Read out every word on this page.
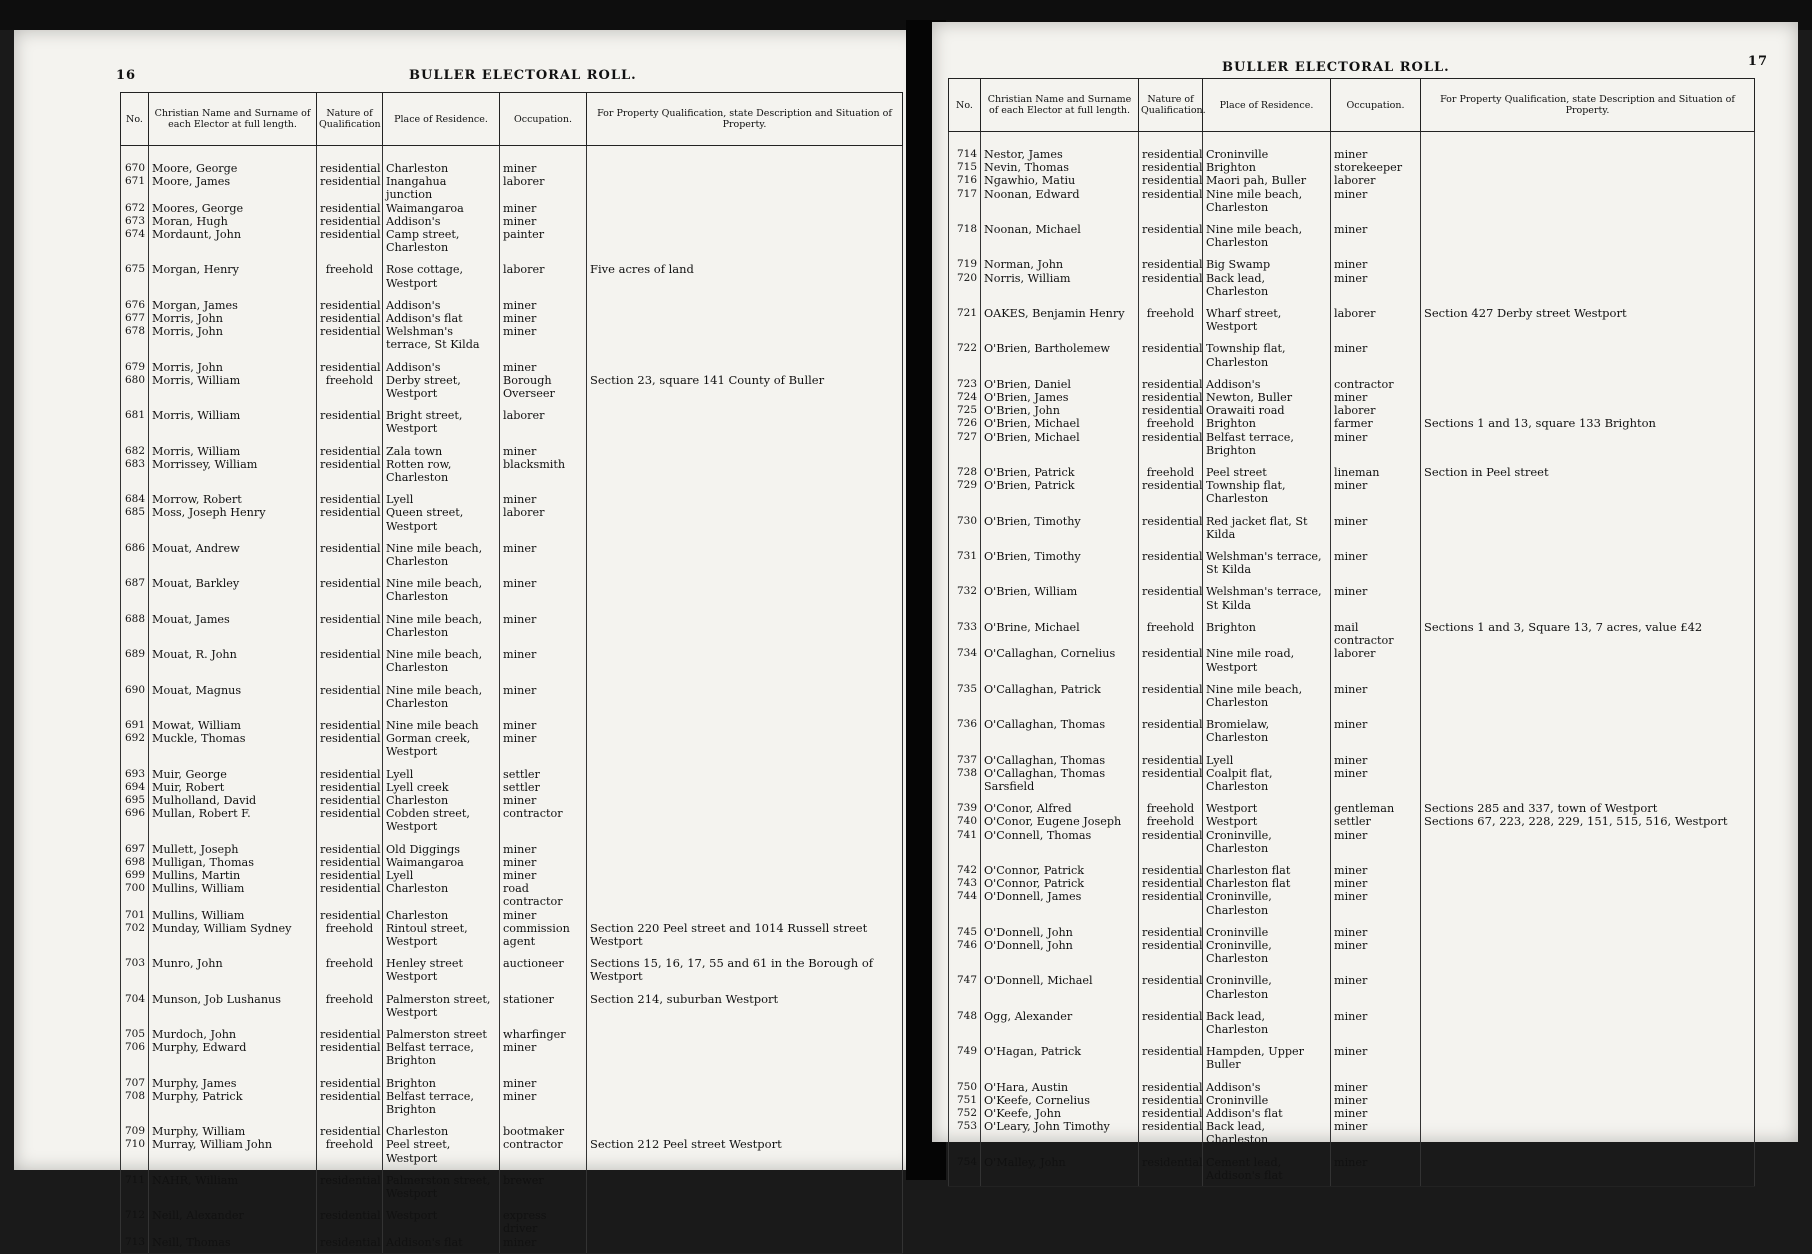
16	BULLER ELECTORAL ROLL.
No.	Christian Name and Surname of each Elector at full length.	Nature of Qualification	Place of Residence.	Occupation.	For Property Qualification, state Description and Situation of Property.
670	Moore, George	residential	Charleston	miner	
671	Moore, James	residential	Inangahua junction	laborer	
672	Moores, George	residential	Waimangaroa	miner	
673	Moran, Hugh	residential	Addison's	miner	
674	Mordaunt, John	residential	Camp street, Charleston	painter	
675	Morgan, Henry	freehold	Rose cottage, Westport	laborer	Five acres of land
676	Morgan, James	residential	Addison's	miner	
677	Morris, John	residential	Addison's flat	miner	
678	Morris, John	residential	Welshman's terrace, St Kilda	miner	
679	Morris, John	residential	Addison's	miner	
680	Morris, William	freehold	Derby street, Westport	Borough Overseer	Section 23, square 141 County of Buller
681	Morris, William	residential	Bright street, Westport	laborer	
682	Morris, William	residential	Zala town	miner	
683	Morrissey, William	residential	Rotten row, Charleston	blacksmith	
684	Morrow, Robert	residential	Lyell	miner	
685	Moss, Joseph Henry	residential	Queen street, Westport	laborer	
686	Mouat, Andrew	residential	Nine mile beach, Charleston	miner	
687	Mouat, Barkley	residential	Nine mile beach, Charleston	miner	
688	Mouat, James	residential	Nine mile beach, Charleston	miner	
689	Mouat, R. John	residential	Nine mile beach, Charleston	miner	
690	Mouat, Magnus	residential	Nine mile beach, Charleston	miner	
691	Mowat, William	residential	Nine mile beach	miner	
692	Muckle, Thomas	residential	Gorman creek, Westport	miner	
693	Muir, George	residential	Lyell	settler	
694	Muir, Robert	residential	Lyell creek	settler	
695	Mulholland, David	residential	Charleston	miner	
696	Mullan, Robert F.	residential	Cobden street, Westport	contractor	
697	Mullett, Joseph	residential	Old Diggings	miner	
698	Mulligan, Thomas	residential	Waimangaroa	miner	
699	Mullins, Martin	residential	Lyell	miner	
700	Mullins, William	residential	Charleston	road contractor	
701	Mullins, William	residential	Charleston	miner	
702	Munday, William Sydney	freehold	Rintoul street, Westport	commission agent	Section 220 Peel street and 1014 Russell street Westport
703	Munro, John	freehold	Henley street Westport	auctioneer	Sections 15, 16, 17, 55 and 61 in the Borough of Westport
704	Munson, Job Lushanus	freehold	Palmerston street, Westport	stationer	Section 214, suburban Westport
705	Murdoch, John	residential	Palmerston street	wharfinger	
706	Murphy, Edward	residential	Belfast terrace, Brighton	miner	
707	Murphy, James	residential	Brighton	miner	
708	Murphy, Patrick	residential	Belfast terrace, Brighton	miner	
709	Murphy, William	residential	Charleston	bootmaker	
710	Murray, William John	freehold	Peel street, Westport	contractor	Section 212 Peel street Westport
711	NAHR, William	residential	Palmerston street, Westport	brewer	
712	Neill, Alexander	residential	Westport	express driver	
713	Neill, Thomas	residential	Addison's flat	miner	
BULLER ELECTORAL ROLL.	17
No.	Christian Name and Surname of each Elector at full length.	Nature of Qualification.	Place of Residence.	Occupation.	For Property Qualification, state Description and Situation of Property.
714	Nestor, James	residential	Croninville	miner	
715	Nevin, Thomas	residential	Brighton	storekeeper	
716	Ngawhio, Matiu	residential	Maori pah, Buller	laborer	
717	Noonan, Edward	residential	Nine mile beach, Charleston	miner	
718	Noonan, Michael	residential	Nine mile beach, Charleston	miner	
719	Norman, John	residential	Big Swamp	miner	
720	Norris, William	residential	Back lead, Charleston	miner	
721	OAKES, Benjamin Henry	freehold	Wharf street, Westport	laborer	Section 427 Derby street Westport
722	O'Brien, Bartholemew	residential	Township flat, Charleston	miner	
723	O'Brien, Daniel	residential	Addison's	contractor	
724	O'Brien, James	residential	Newton, Buller	miner	
725	O'Brien, John	residential	Orawaiti road	laborer	
726	O'Brien, Michael	freehold	Brighton	farmer	Sections 1 and 13, square 133 Brighton
727	O'Brien, Michael	residential	Belfast terrace, Brighton	miner	
728	O'Brien, Patrick	freehold	Peel street	lineman	Section in Peel street
729	O'Brien, Patrick	residential	Township flat, Charleston	miner	
730	O'Brien, Timothy	residential	Red jacket flat, St Kilda	miner	
731	O'Brien, Timothy	residential	Welshman's terrace, St Kilda	miner	
732	O'Brien, William	residential	Welshman's terrace, St Kilda	miner	
733	O'Brine, Michael	freehold	Brighton	mail contractor	Sections 1 and 3, Square 13, 7 acres, value £42
734	O'Callaghan, Cornelius	residential	Nine mile road, Westport	laborer	
735	O'Callaghan, Patrick	residential	Nine mile beach, Charleston	miner	
736	O'Callaghan, Thomas	residential	Bromielaw, Charleston	miner	
737	O'Callaghan, Thomas	residential	Lyell	miner	
738	O'Callaghan, Thomas Sarsfield	residential	Coalpit flat, Charleston	miner	
739	O'Conor, Alfred	freehold	Westport	gentleman	Sections 285 and 337, town of Westport
740	O'Conor, Eugene Joseph	freehold	Westport	settler	Sections 67, 223, 228, 229, 151, 515, 516, Westport
741	O'Connell, Thomas	residential	Croninville, Charleston	miner	
742	O'Connor, Patrick	residential	Charleston flat	miner	
743	O'Connor, Patrick	residential	Charleston flat	miner	
744	O'Donnell, James	residential	Croninville, Charleston	miner	
745	O'Donnell, John	residential	Croninville	miner	
746	O'Donnell, John	residential	Croninville, Charleston	miner	
747	O'Donnell, Michael	residential	Croninville, Charleston	miner	
748	Ogg, Alexander	residential	Back lead, Charleston	miner	
749	O'Hagan, Patrick	residential	Hampden, Upper Buller	miner	
750	O'Hara, Austin	residential	Addison's	miner	
751	O'Keefe, Cornelius	residential	Croninville	miner	
752	O'Keefe, John	residential	Addison's flat	miner	
753	O'Leary, John Timothy	residential	Back lead, Charleston	miner	
754	O'Malley, John	residential	Cement lead, Addison's flat	miner	
